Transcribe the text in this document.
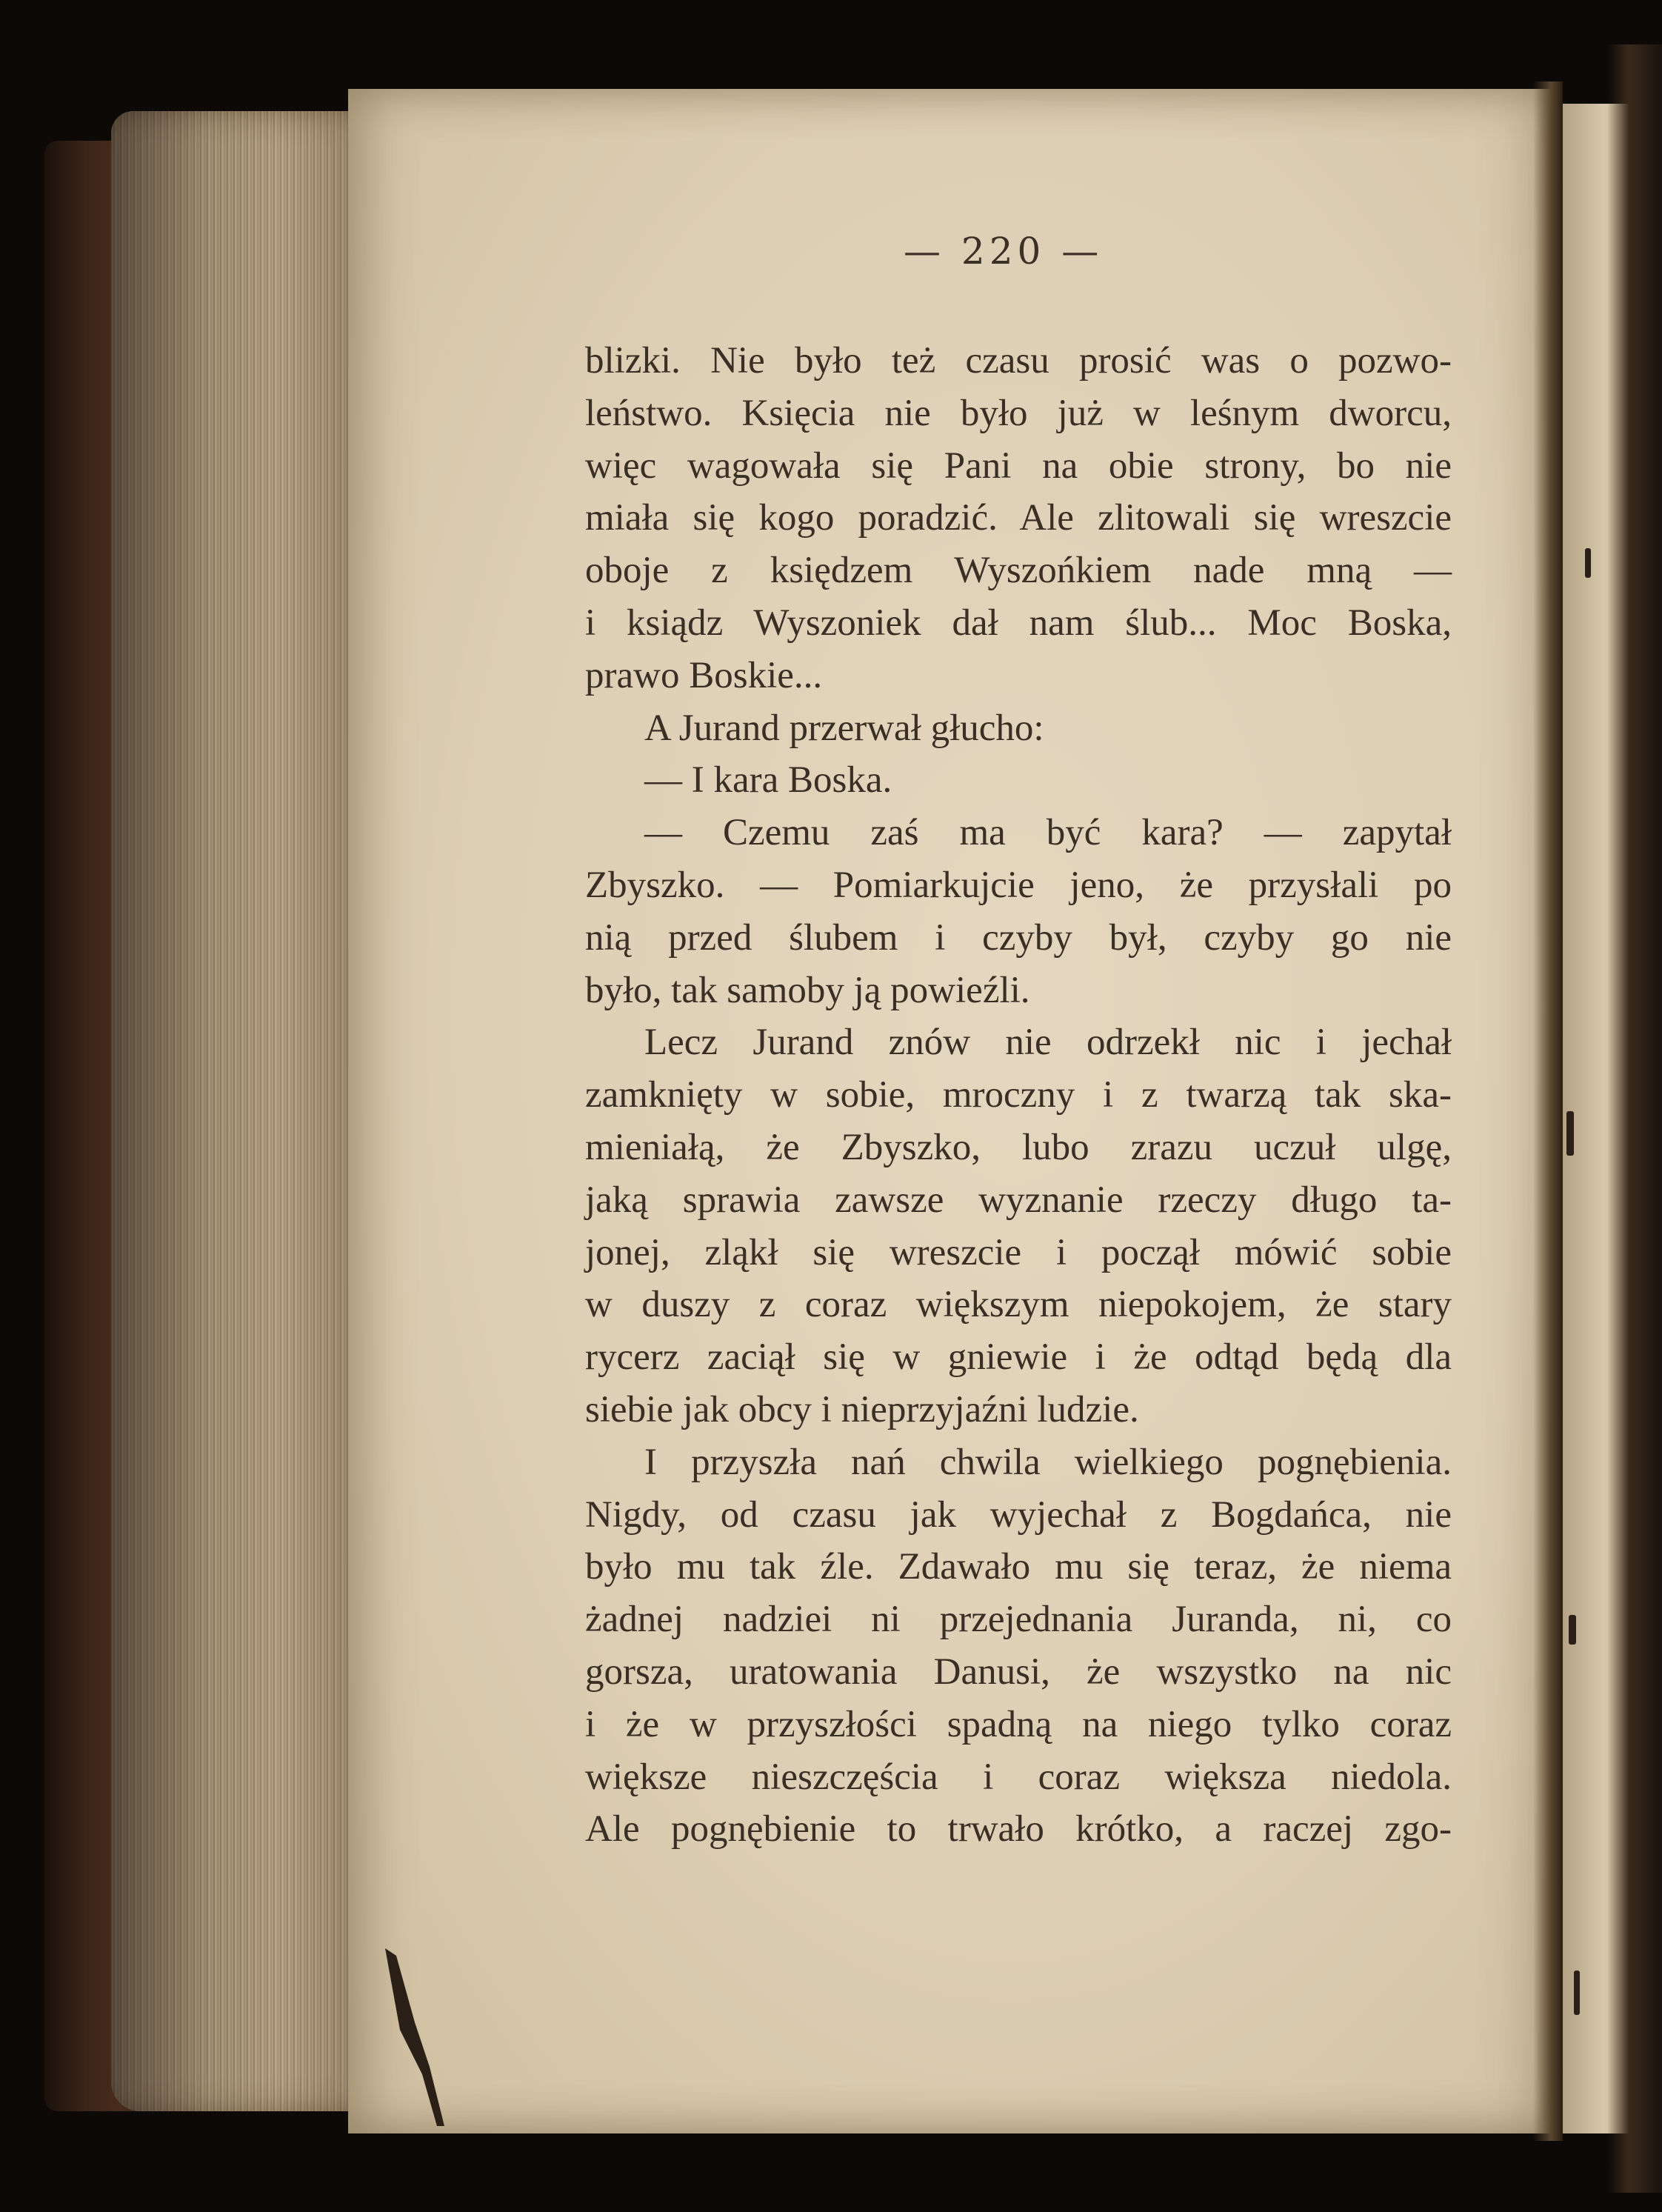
— 220 —
blizki. Nie było też czasu prosić was o pozwo-
leństwo. Księcia nie było już w leśnym dworcu,
więc wagowała się Pani na obie strony, bo nie
miała się kogo poradzić. Ale zlitowali się wreszcie
oboje z księdzem Wyszońkiem nade mną —
i ksiądz Wyszoniek dał nam ślub... Moc Boska,
prawo Boskie...
A Jurand przerwał głucho:
— I kara Boska.
— Czemu zaś ma być kara? — zapytał
Zbyszko. — Pomiarkujcie jeno, że przysłali po
nią przed ślubem i czyby był, czyby go nie
było, tak samoby ją powieźli.
Lecz Jurand znów nie odrzekł nic i jechał
zamknięty w sobie, mroczny i z twarzą tak ska-
mieniałą, że Zbyszko, lubo zrazu uczuł ulgę,
jaką sprawia zawsze wyznanie rzeczy długo ta-
jonej, zląkł się wreszcie i począł mówić sobie
w duszy z coraz większym niepokojem, że stary
rycerz zaciął się w gniewie i że odtąd będą dla
siebie jak obcy i nieprzyjaźni ludzie.
I przyszła nań chwila wielkiego pognębienia.
Nigdy, od czasu jak wyjechał z Bogdańca, nie
było mu tak źle. Zdawało mu się teraz, że niema
żadnej nadziei ni przejednania Juranda, ni, co
gorsza, uratowania Danusi, że wszystko na nic
i że w przyszłości spadną na niego tylko coraz
większe nieszczęścia i coraz większa niedola.
Ale pognębienie to trwało krótko, a raczej zgo-
